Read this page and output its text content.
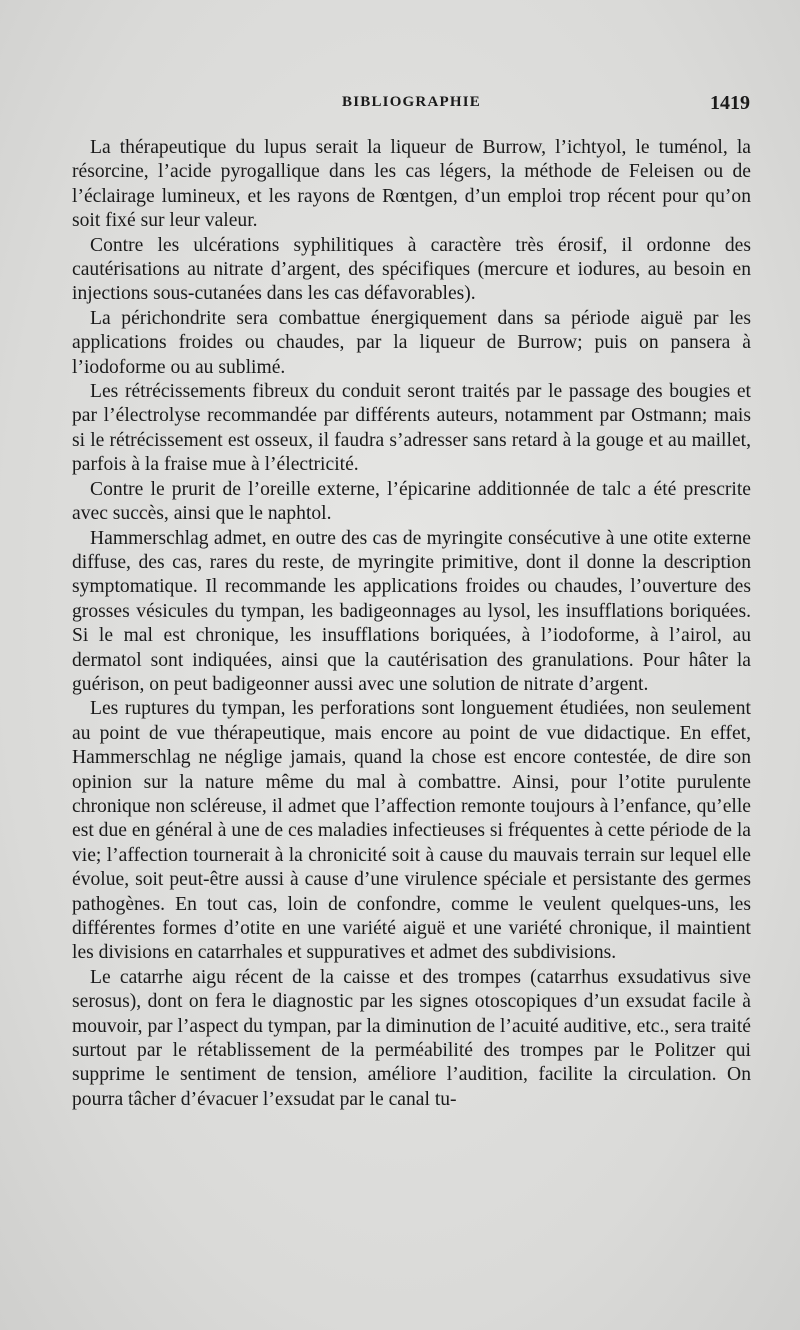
BIBLIOGRAPHIE	1419

La thérapeutique du lupus serait la liqueur de Burrow, l’ichtyol, le tuménol, la résorcine, l’acide pyrogallique dans les cas légers, la méthode de Feleisen ou de l’éclairage lumineux, et les rayons de Rœntgen, d’un emploi trop récent pour qu’on soit fixé sur leur valeur.

Contre les ulcérations syphilitiques à caractère très érosif, il ordonne des cautérisations au nitrate d’argent, des spécifiques (mercure et iodures, au besoin en injections sous-cutanées dans les cas défavorables).

La périchondrite sera combattue énergiquement dans sa période aiguë par les applications froides ou chaudes, par la liqueur de Burrow; puis on pansera à l’iodoforme ou au sublimé.

Les rétrécissements fibreux du conduit seront traités par le passage des bougies et par l’électrolyse recommandée par différents auteurs, notamment par Ostmann; mais si le rétrécissement est osseux, il faudra s’adresser sans retard à la gouge et au maillet, parfois à la fraise mue à l’électricité.

Contre le prurit de l’oreille externe, l’épicarine additionnée de talc a été prescrite avec succès, ainsi que le naphtol.

Hammerschlag admet, en outre des cas de myringite consécutive à une otite externe diffuse, des cas, rares du reste, de myringite primitive, dont il donne la description symptomatique. Il recommande les applications froides ou chaudes, l’ouverture des grosses vésicules du tympan, les badigeonnages au lysol, les insufflations boriquées. Si le mal est chronique, les insufflations boriquées, à l’iodoforme, à l’airol, au dermatol sont indiquées, ainsi que la cautérisation des granulations. Pour hâter la guérison, on peut badigeonner aussi avec une solution de nitrate d’argent.

Les ruptures du tympan, les perforations sont longuement étudiées, non seulement au point de vue thérapeutique, mais encore au point de vue didactique. En effet, Hammerschlag ne néglige jamais, quand la chose est encore contestée, de dire son opinion sur la nature même du mal à combattre. Ainsi, pour l’otite purulente chronique non scléreuse, il admet que l’affection remonte toujours à l’enfance, qu’elle est due en général à une de ces maladies infectieuses si fréquentes à cette période de la vie; l’affection tournerait à la chronicité soit à cause du mauvais terrain sur lequel elle évolue, soit peut-être aussi à cause d’une virulence spéciale et persistante des germes pathogènes. En tout cas, loin de confondre, comme le veulent quelques-uns, les différentes formes d’otite en une variété aiguë et une variété chronique, il maintient les divisions en catarrhales et suppuratives et admet des subdivisions.

Le catarrhe aigu récent de la caisse et des trompes (catarrhus exsudativus sive serosus), dont on fera le diagnostic par les signes otoscopiques d’un exsudat facile à mouvoir, par l’aspect du tympan, par la diminution de l’acuité auditive, etc., sera traité surtout par le rétablissement de la perméabilité des trompes par le Politzer qui supprime le sentiment de tension, améliore l’audition, facilite la circulation. On pourra tâcher d’évacuer l’exsudat par le canal tu-
